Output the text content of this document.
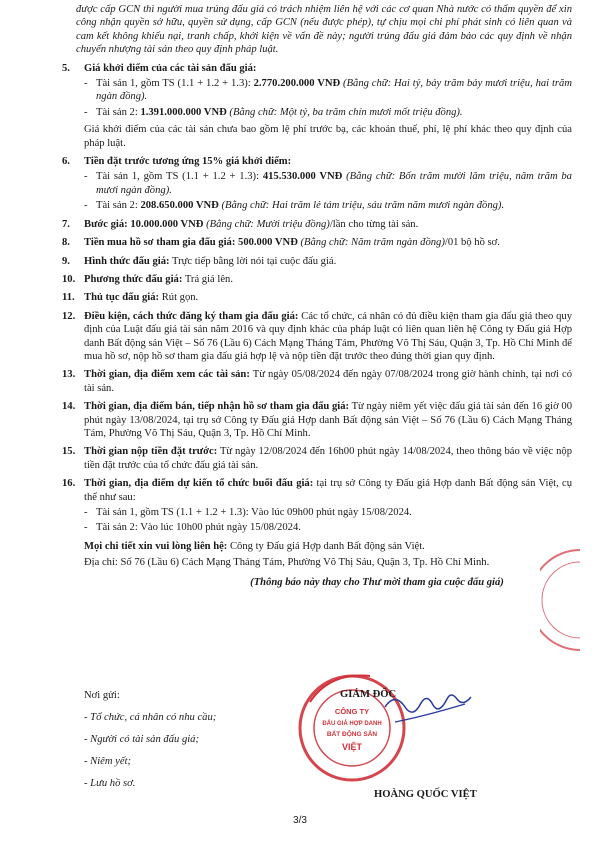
được cấp GCN thì người mua trúng đấu giá có trách nhiệm liên hệ với các cơ quan Nhà nước có thẩm quyền để xin công nhận quyền sở hữu, quyền sử dụng, cấp GCN (nếu được phép), tự chịu mọi chi phí phát sinh có liên quan và cam kết không khiếu nại, tranh chấp, khởi kiện về vấn đề này; người trúng đấu giá đảm bảo các quy định về nhận chuyển nhượng tài sản theo quy định pháp luật.

5.	Giá khởi điểm của các tài sản đấu giá:
- Tài sản 1, gồm TS (1.1 + 1.2 + 1.3): 2.770.200.000 VNĐ (Bằng chữ: Hai tỷ, bảy trăm bảy mươi triệu, hai trăm ngàn đồng).
- Tài sản 2: 1.391.000.000 VNĐ (Bằng chữ: Một tỷ, ba trăm chín mươi mốt triệu đồng).

Giá khởi điểm của các tài sản chưa bao gồm lệ phí trước bạ, các khoản thuế, phí, lệ phí khác theo quy định của pháp luật.

6.	Tiền đặt trước tương ứng 15% giá khởi điểm:
- Tài sản 1, gồm TS (1.1 + 1.2 + 1.3): 415.530.000 VNĐ (Bằng chữ: Bốn trăm mười lăm triệu, năm trăm ba mươi ngàn đồng).
- Tài sản 2: 208.650.000 VNĐ (Bằng chữ: Hai trăm lẻ tám triệu, sáu trăm năm mươi ngàn đồng).
7.	Bước giá: 10.000.000 VNĐ (Bằng chữ: Mười triệu đồng)/lần cho từng tài sản.
8.	Tiền mua hồ sơ tham gia đấu giá: 500.000 VNĐ (Bằng chữ: Năm trăm ngàn đồng)/01 bộ hồ sơ.
9.	Hình thức đấu giá: Trực tiếp bằng lời nói tại cuộc đấu giá.
10. Phương thức đấu giá: Trả giá lên.
11. Thủ tục đấu giá: Rút gọn.
12. Điều kiện, cách thức đăng ký tham gia đấu giá: Các tổ chức, cá nhân có đủ điều kiện tham gia đấu giá theo quy định của Luật đấu giá tài sản năm 2016 và quy định khác của pháp luật có liên quan liên hệ Công ty Đấu giá Hợp danh Bất động sản Việt – Số 76 (Lầu 6) Cách Mạng Tháng Tám, Phường Võ Thị Sáu, Quận 3, Tp. Hồ Chí Minh để mua hồ sơ, nộp hồ sơ tham gia đấu giá hợp lệ và nộp tiền đặt trước theo đúng thời gian quy định.
13. Thời gian, địa điểm xem các tài sản: Từ ngày 05/08/2024 đến ngày 07/08/2024 trong giờ hành chính, tại nơi có tài sản.
14. Thời gian, địa điểm bán, tiếp nhận hồ sơ tham gia đấu giá: Từ ngày niêm yết việc đấu giá tài sản đến 16 giờ 00 phút ngày 13/08/2024, tại trụ sở Công ty Đấu giá Hợp danh Bất động sản Việt – Số 76 (Lầu 6) Cách Mạng Tháng Tám, Phường Võ Thị Sáu, Quận 3, Tp. Hồ Chí Minh.
15. Thời gian nộp tiền đặt trước: Từ ngày 12/08/2024 đến 16h00 phút ngày 14/08/2024, theo thông báo về việc nộp tiền đặt trước của tổ chức đấu giá tài sản.
16. Thời gian, địa điểm dự kiến tổ chức buổi đấu giá: tại trụ sở Công ty Đấu giá Hợp danh Bất động sản Việt, cụ thể như sau:
- Tài sản 1, gồm TS (1.1 + 1.2 + 1.3): Vào lúc 09h00 phút ngày 15/08/2024.
- Tài sản 2: Vào lúc 10h00 phút ngày 15/08/2024.

Mọi chi tiết xin vui lòng liên hệ: Công ty Đấu giá Hợp danh Bất động sản Việt.

Địa chỉ: Số 76 (Lầu 6) Cách Mạng Tháng Tám, Phường Võ Thị Sáu, Quận 3, Tp. Hồ Chí Minh.

(Thông báo này thay cho Thư mời tham gia cuộc đấu giá)

Nơi gửi:
- Tổ chức, cá nhân có nhu cầu;
- Người có tài sản đấu giá;
- Niêm yết;
- Lưu hồ sơ.
CÔNG TY
ĐẤU GIÁ HỢP DANH
BẤT ĐỘNG SẢN
VIỆT
GIÁM ĐỐC
HOÀNG QUỐC VIỆT
3/3
